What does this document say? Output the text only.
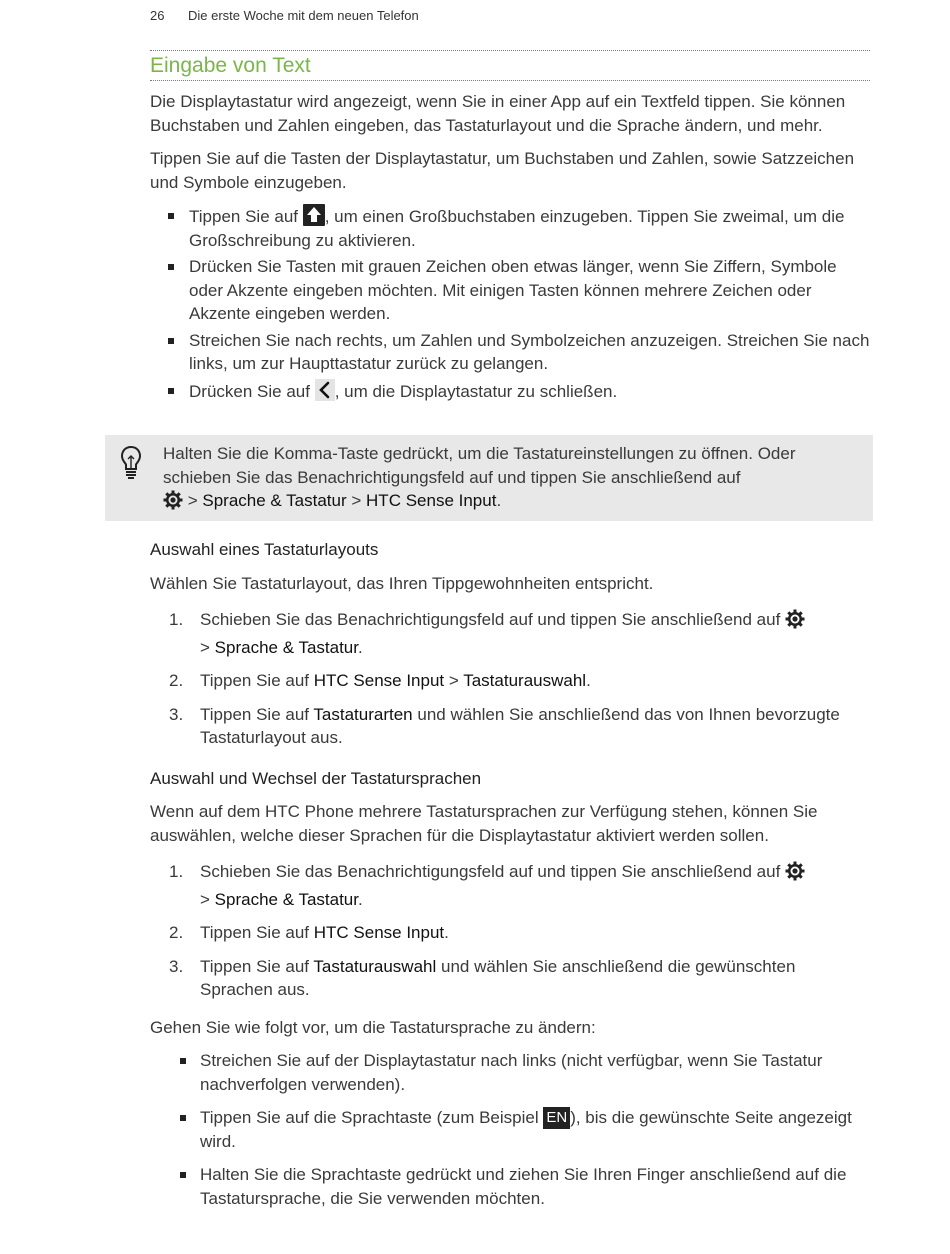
26 Die erste Woche mit dem neuen Telefon
Eingabe von Text

Die Displaytastatur wird angezeigt, wenn Sie in einer App auf ein Textfeld tippen. Sie können Buchstaben und Zahlen eingeben, das Tastaturlayout und die Sprache ändern, und mehr.

Tippen Sie auf die Tasten der Displaytastatur, um Buchstaben und Zahlen, sowie Satzzeichen und Symbole einzugeben.

Tippen Sie auf
, um einen Großbuchstaben einzugeben. Tippen Sie zweimal, um die Großschreibung zu aktivieren.
Drücken Sie Tasten mit grauen Zeichen oben etwas länger, wenn Sie Ziffern, Symbole oder Akzente eingeben möchten. Mit einigen Tasten können mehrere Zeichen oder Akzente eingeben werden.
Streichen Sie nach rechts, um Zahlen und Symbolzeichen anzuzeigen. Streichen Sie nach links, um zur Haupttastatur zurück zu gelangen.
Drücken Sie auf
, um die Displaytastatur zu schließen.
Halten Sie die Komma-Taste gedrückt, um die Tastatureinstellungen zu öffnen. Oder schieben Sie das Benachrichtigungsfeld auf und tippen Sie anschließend auf
> Sprache & Tastatur > HTC Sense Input.
Auswahl eines Tastaturlayouts

Wählen Sie Tastaturlayout, das Ihren Tippgewohnheiten entspricht.

1. Schieben Sie das Benachrichtigungsfeld auf und tippen Sie anschließend auf
> Sprache & Tastatur.
2. Tippen Sie auf HTC Sense Input > Tastaturauswahl.
3. Tippen Sie auf Tastaturarten und wählen Sie anschließend das von Ihnen bevorzugte Tastaturlayout aus.
Auswahl und Wechsel der Tastatursprachen

Wenn auf dem HTC Phone mehrere Tastatursprachen zur Verfügung stehen, können Sie auswählen, welche dieser Sprachen für die Displaytastatur aktiviert werden sollen.

1. Schieben Sie das Benachrichtigungsfeld auf und tippen Sie anschließend auf
> Sprache & Tastatur.
2. Tippen Sie auf HTC Sense Input.
3. Tippen Sie auf Tastaturauswahl und wählen Sie anschließend die gewünschten Sprachen aus.

Gehen Sie wie folgt vor, um die Tastatursprache zu ändern:

Streichen Sie auf der Displaytastatur nach links (nicht verfügbar, wenn Sie Tastatur nachverfolgen verwenden).
Tippen Sie auf die Sprachtaste (zum Beispiel EN ), bis die gewünschte Seite angezeigt wird.
Halten Sie die Sprachtaste gedrückt und ziehen Sie Ihren Finger anschließend auf die Tastatursprache, die Sie verwenden möchten.
